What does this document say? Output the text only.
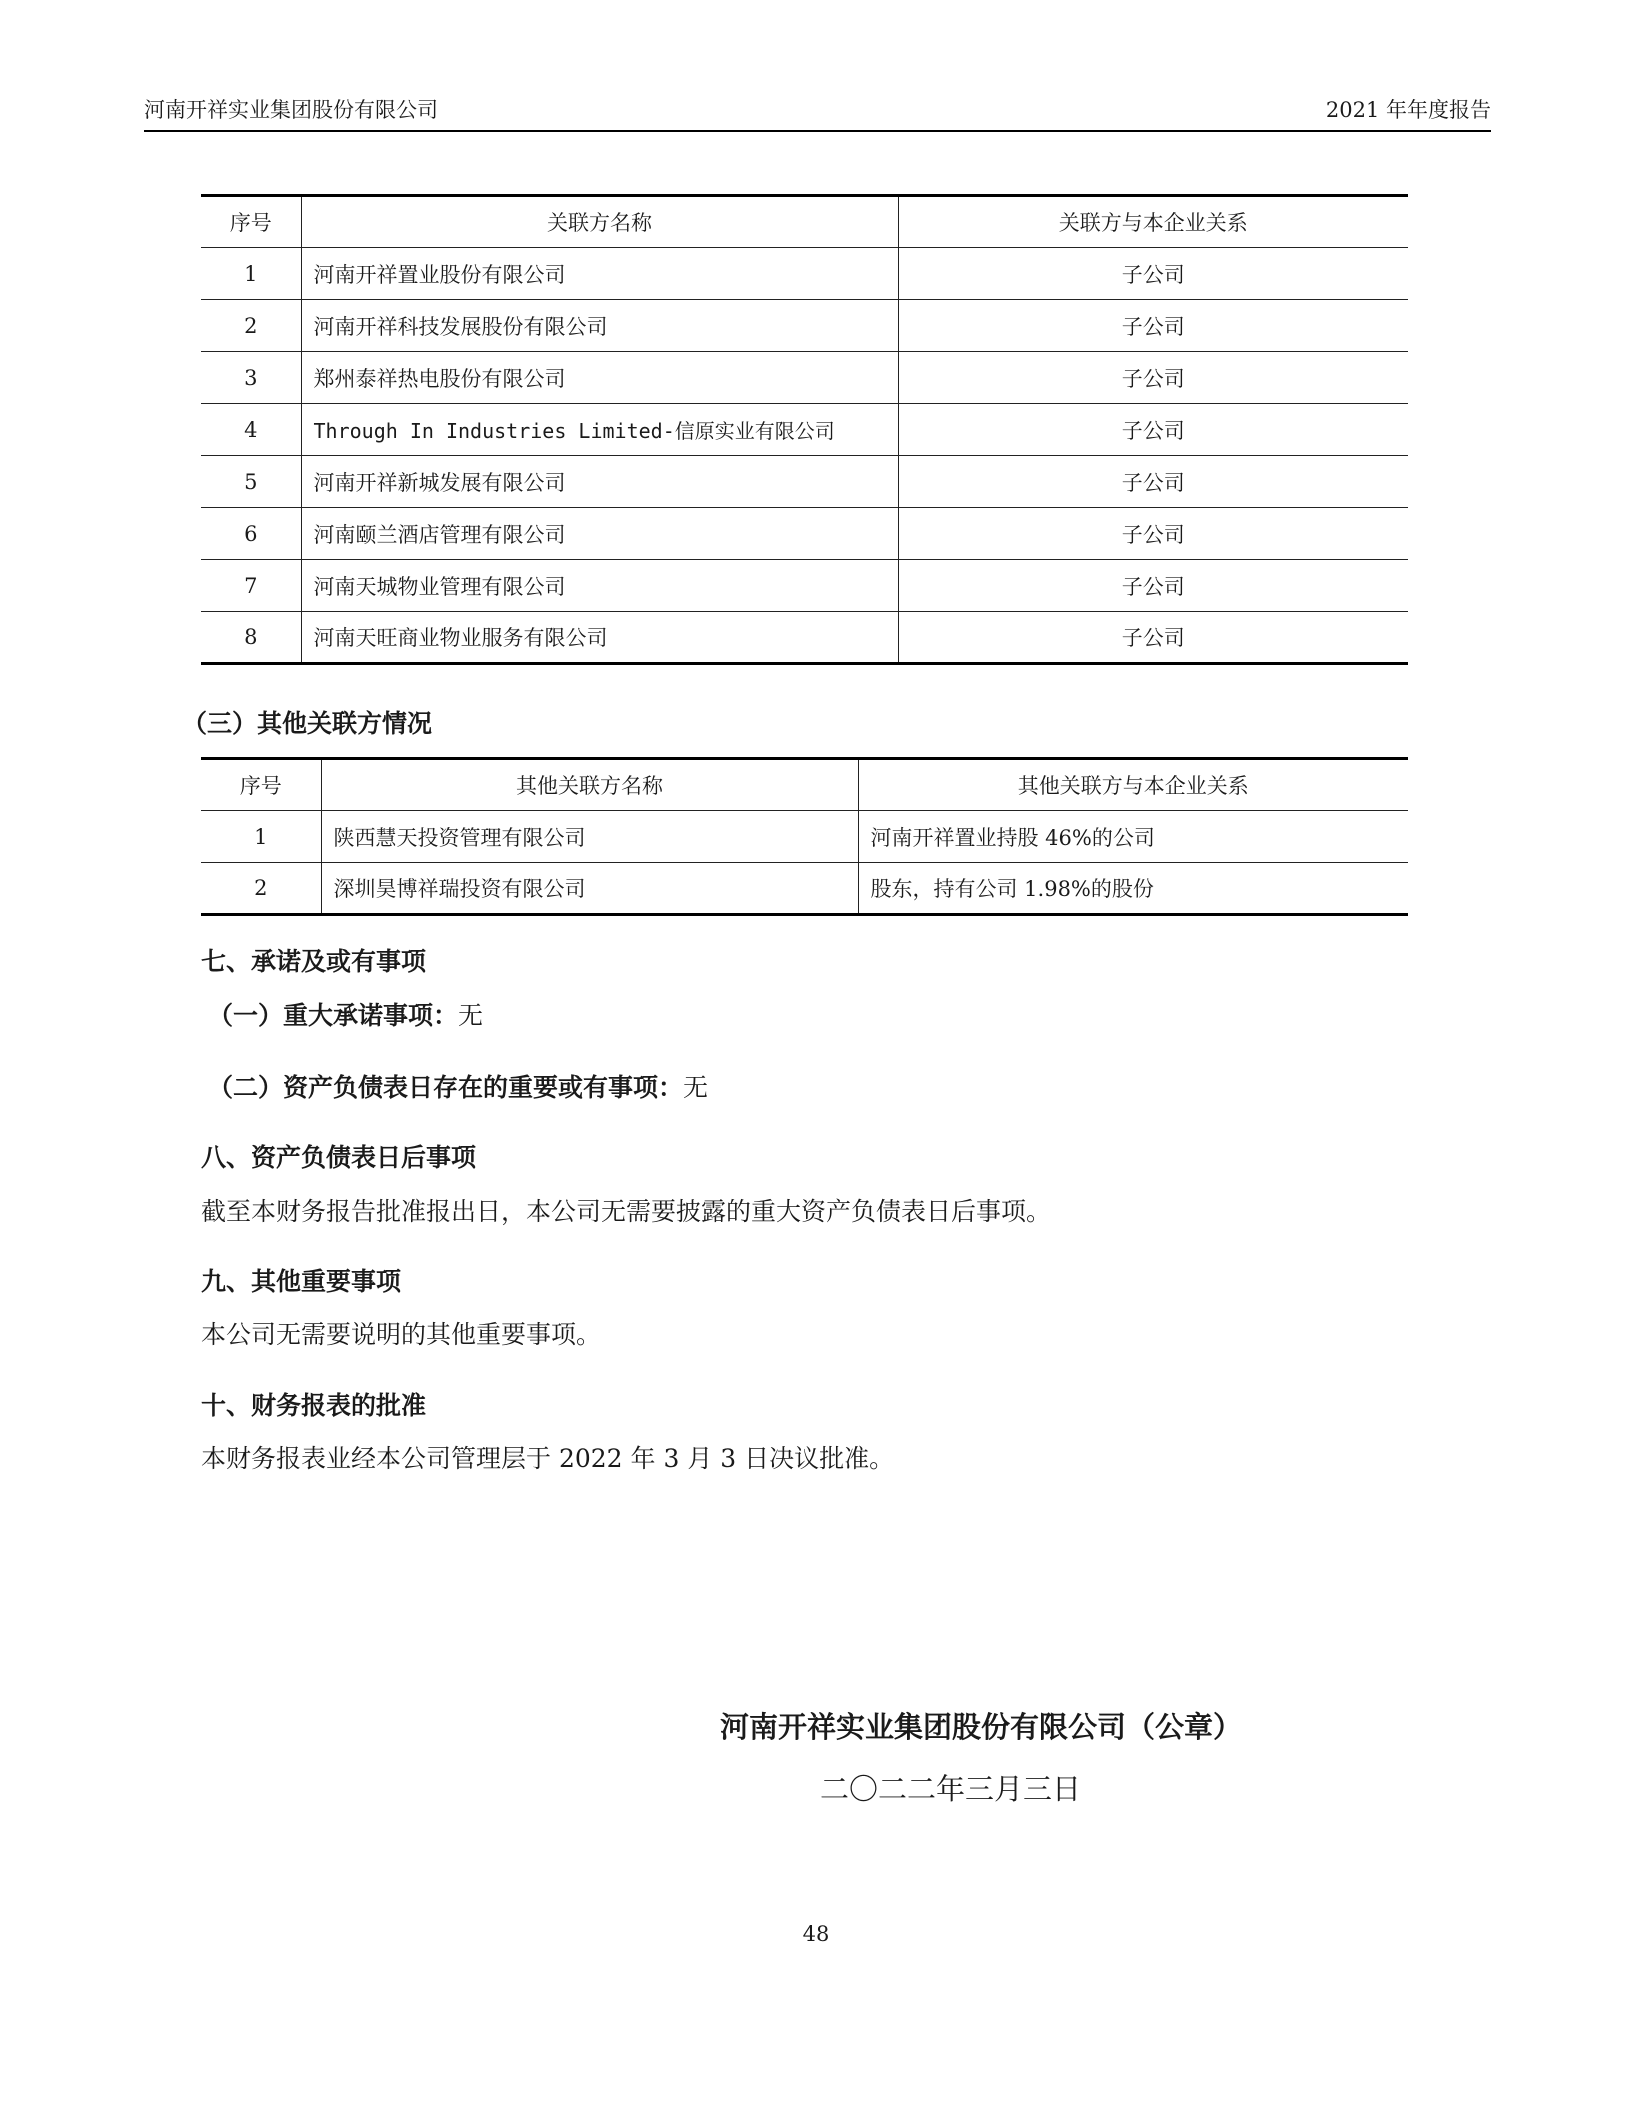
河南开祥实业集团股份有限公司	2021 年年度报告
序号	关联方名称	关联方与本企业关系
1	河南开祥置业股份有限公司	子公司
2	河南开祥科技发展股份有限公司	子公司
3	郑州泰祥热电股份有限公司	子公司
4	Through In Industries Limited-信原实业有限公司	子公司
5	河南开祥新城发展有限公司	子公司
6	河南颐兰酒店管理有限公司	子公司
7	河南天城物业管理有限公司	子公司
8	河南天旺商业物业服务有限公司	子公司
（三）其他关联方情况
序号	其他关联方名称	其他关联方与本企业关系
1	陕西慧天投资管理有限公司	河南开祥置业持股 46%的公司
2	深圳昊博祥瑞投资有限公司	股东，持有公司 1.98%的股份
七、承诺及或有事项
（一）重大承诺事项：无
（二）资产负债表日存在的重要或有事项：无
八、资产负债表日后事项
截至本财务报告批准报出日，本公司无需要披露的重大资产负债表日后事项。
九、其他重要事项
本公司无需要说明的其他重要事项。
十、财务报表的批准
本财务报表业经本公司管理层于 2022 年 3 月 3 日决议批准。
河南开祥实业集团股份有限公司（公章）
二〇二二年三月三日
48
